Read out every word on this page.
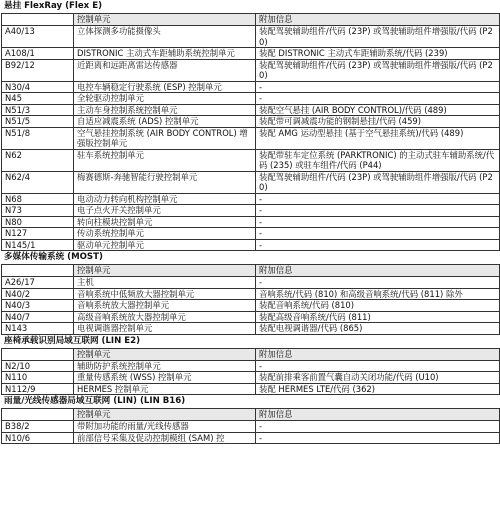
悬挂 FlexRay (Flex E)
	控制单元	附加信息
A40/13	立体探测多功能摄像头	装配驾驶辅助组件/代码 (23P) 或驾驶辅助组件增强版/代码 (P20)
A108/1	DISTRONIC 主动式车距辅助系统控制单元	装配 DISTRONIC 主动式车距辅助系统/代码 (239)
B92/12	近距离和远距离雷达传感器	装配驾驶辅助组件/代码 (23P) 或驾驶辅助组件增强版/代码 (P20)
N30/4	电控车辆稳定行驶系统 (ESP) 控制单元	-
N45	全轮驱动控制单元	-
N51/3	主动车身控制系统控制单元	装配空气悬挂 (AIR BODY CONTROL)/代码 (489)
N51/5	自适应减震系统 (ADS) 控制单元	装配带可调减震功能的钢制悬挂/代码 (459)
N51/8	空气悬挂控制系统 (AIR BODY CONTROL) 增强版控制单元	装配 AMG 运动型悬挂 (基于空气悬挂系统)/代码 (489)
N62	驻车系统控制单元	装配带驻车定位系统 (PARKTRONIC) 的主动式驻车辅助系统/代码 (235) 或驻车组件/代码 (P44)
N62/4	梅赛德斯-奔驰智能行驶控制单元	装配驾驶辅助组件/代码 (23P) 或驾驶辅助组件增强版/代码 (P20)
N68	电动动力转向机构控制单元	-
N73	电子点火开关控制单元	-
N80	转向柱模块控制单元	-
N127	传动系统控制单元	-
N145/1	驱动单元控制单元	-
多媒体传输系统 (MOST)
	控制单元	附加信息
A26/17	主机	-
N40/2	音响系统中低频放大器控制单元	音响系统/代码 (810) 和高级音响系统/代码 (811) 除外
N40/3	音响系统放大器控制单元	装配音响系统/代码 (810)
N40/7	高级音响系统放大器控制单元	装配高级音响系统/代码 (811)
N143	电视调谐器控制单元	装配电视调谐器/代码 (865)
座椅承载识别局域互联网 (LIN E2)
	控制单元	附加信息
N2/10	辅助防护系统控制单元	-
N110	重量传感系统 (WSS) 控制单元	装配前排乘客前置气囊自动关闭功能/代码 (U10)
N112/9	HERMES 控制单元	装配 HERMES LTE/代码 (362)
雨量/光线传感器局域互联网 (LIN) (LIN B16)
	控制单元	附加信息
B38/2	带附加功能的雨量/光线传感器	-
N10/6	前部信号采集及促动控制模组 (SAM) 控	-
